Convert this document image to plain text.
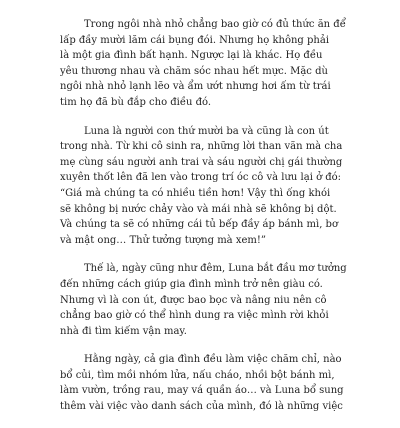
Trong ngôi nhà nhỏ chẳng bao giờ có đủ thức ăn để
lấp đầy mười lăm cái bụng đói. Nhưng họ không phải
là một gia đình bất hạnh. Ngược lại là khác. Họ đều
yêu thương nhau và chăm sóc nhau hết mực. Mặc dù
ngôi nhà nhỏ lạnh lẽo và ẩm ướt nhưng hơi ấm từ trái
tim họ đã bù đắp cho điều đó.

Luna là người con thứ mười ba và cũng là con út
trong nhà. Từ khi cô sinh ra, những lời than vãn mà cha
mẹ cùng sáu người anh trai và sáu người chị gái thường
xuyên thốt lên đã len vào trong trí óc cô và lưu lại ở đó:
“Giá mà chúng ta có nhiều tiền hơn! Vậy thì ống khói
sẽ không bị nước chảy vào và mái nhà sẽ không bị dột.
Và chúng ta sẽ có những cái tủ bếp đầy áp bánh mì, bơ
và mật ong… Thử tưởng tượng mà xem!”

Thế là, ngày cũng như đêm, Luna bắt đầu mơ tưởng
đến những cách giúp gia đình mình trở nên giàu có.
Nhưng vì là con út, được bao bọc và nâng niu nên cô
chẳng bao giờ có thể hình dung ra việc mình rời khỏi
nhà đi tìm kiếm vận may.

Hằng ngày, cả gia đình đều làm việc chăm chỉ, nào
bổ củi, tìm mồi nhóm lửa, nấu cháo, nhồi bột bánh mì,
làm vườn, trồng rau, may vá quần áo… và Luna bổ sung
thêm vài việc vào danh sách của mình, đó là những việc
